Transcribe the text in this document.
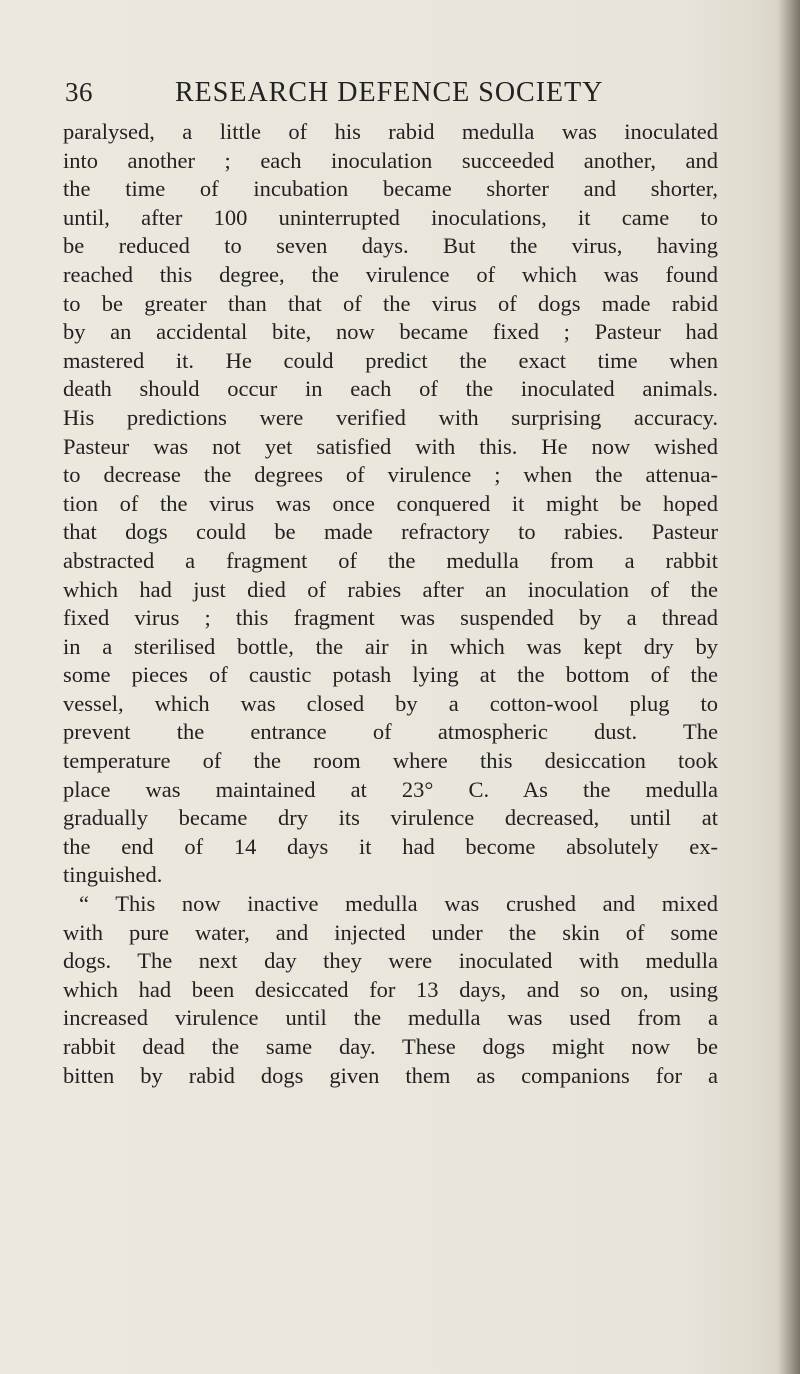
36	RESEARCH DEFENCE SOCIETY
paralysed, a little of his rabid medulla was inoculated
into another ; each inoculation succeeded another, and
the time of incubation became shorter and shorter,
until, after 100 uninterrupted inoculations, it came to
be reduced to seven days. But the virus, having
reached this degree, the virulence of which was found
to be greater than that of the virus of dogs made rabid
by an accidental bite, now became fixed ; Pasteur had
mastered it. He could predict the exact time when
death should occur in each of the inoculated animals.
His predictions were verified with surprising accuracy.
Pasteur was not yet satisfied with this. He now wished
to decrease the degrees of virulence ; when the attenua-
tion of the virus was once conquered it might be hoped
that dogs could be made refractory to rabies. Pasteur
abstracted a fragment of the medulla from a rabbit
which had just died of rabies after an inoculation of the
fixed virus ; this fragment was suspended by a thread
in a sterilised bottle, the air in which was kept dry by
some pieces of caustic potash lying at the bottom of the
vessel, which was closed by a cotton-wool plug to
prevent the entrance of atmospheric dust. The
temperature of the room where this desiccation took
place was maintained at 23° C. As the medulla
gradually became dry its virulence decreased, until at
the end of 14 days it had become absolutely ex-
tinguished.
“ This now inactive medulla was crushed and mixed
with pure water, and injected under the skin of some
dogs. The next day they were inoculated with medulla
which had been desiccated for 13 days, and so on, using
increased virulence until the medulla was used from a
rabbit dead the same day. These dogs might now be
bitten by rabid dogs given them as companions for a
